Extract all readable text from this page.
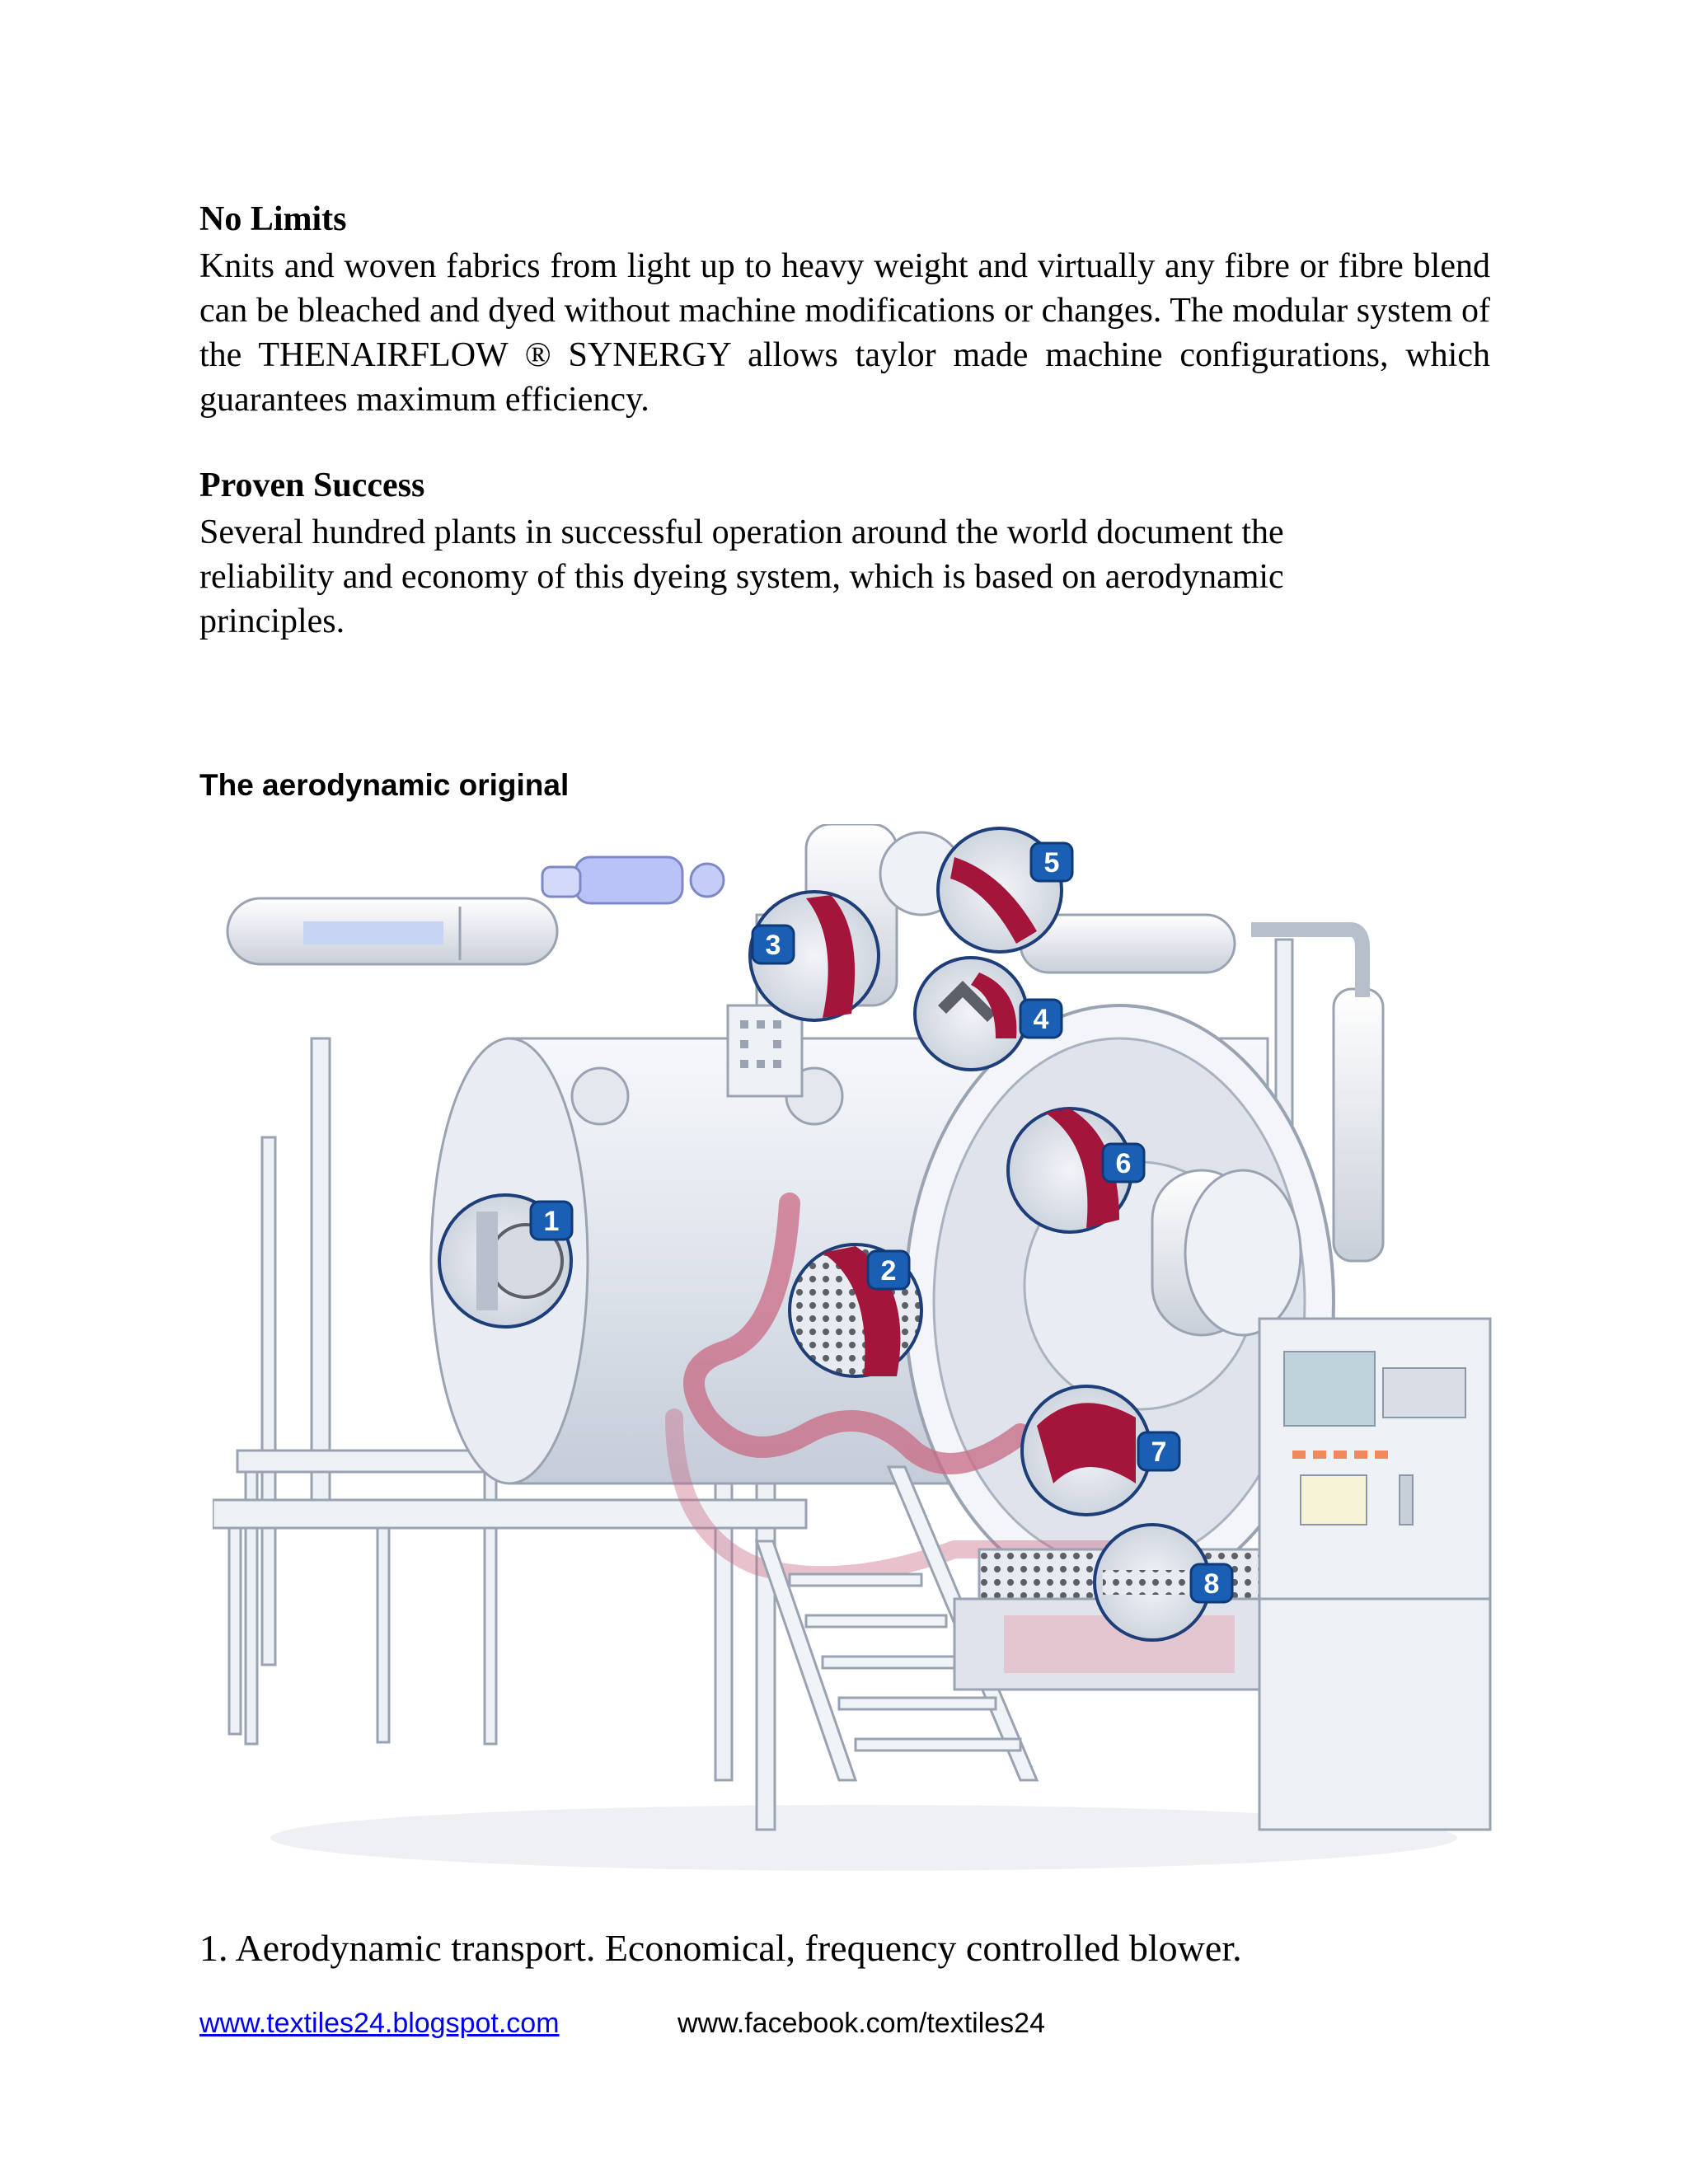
No Limits

Knits and woven fabrics from light up to heavy weight and virtually any fibre or fibre blend can be bleached and dyed without machine modifications or changes. The modular system of the THENAIRFLOW ® SYNERGY allows taylor made machine configurations, which guarantees maximum efficiency.

Proven Success
Several hundred plants in successful operation around the world document the
reliability and economy of this dyeing system, which is based on aerodynamic
principles.
The aerodynamic original
1
2
3
4
5
6
7
8

1. Aerodynamic transport. Economical, frequency controlled blower.

www.textiles24.blogspot.com	www.facebook.com/textiles24
